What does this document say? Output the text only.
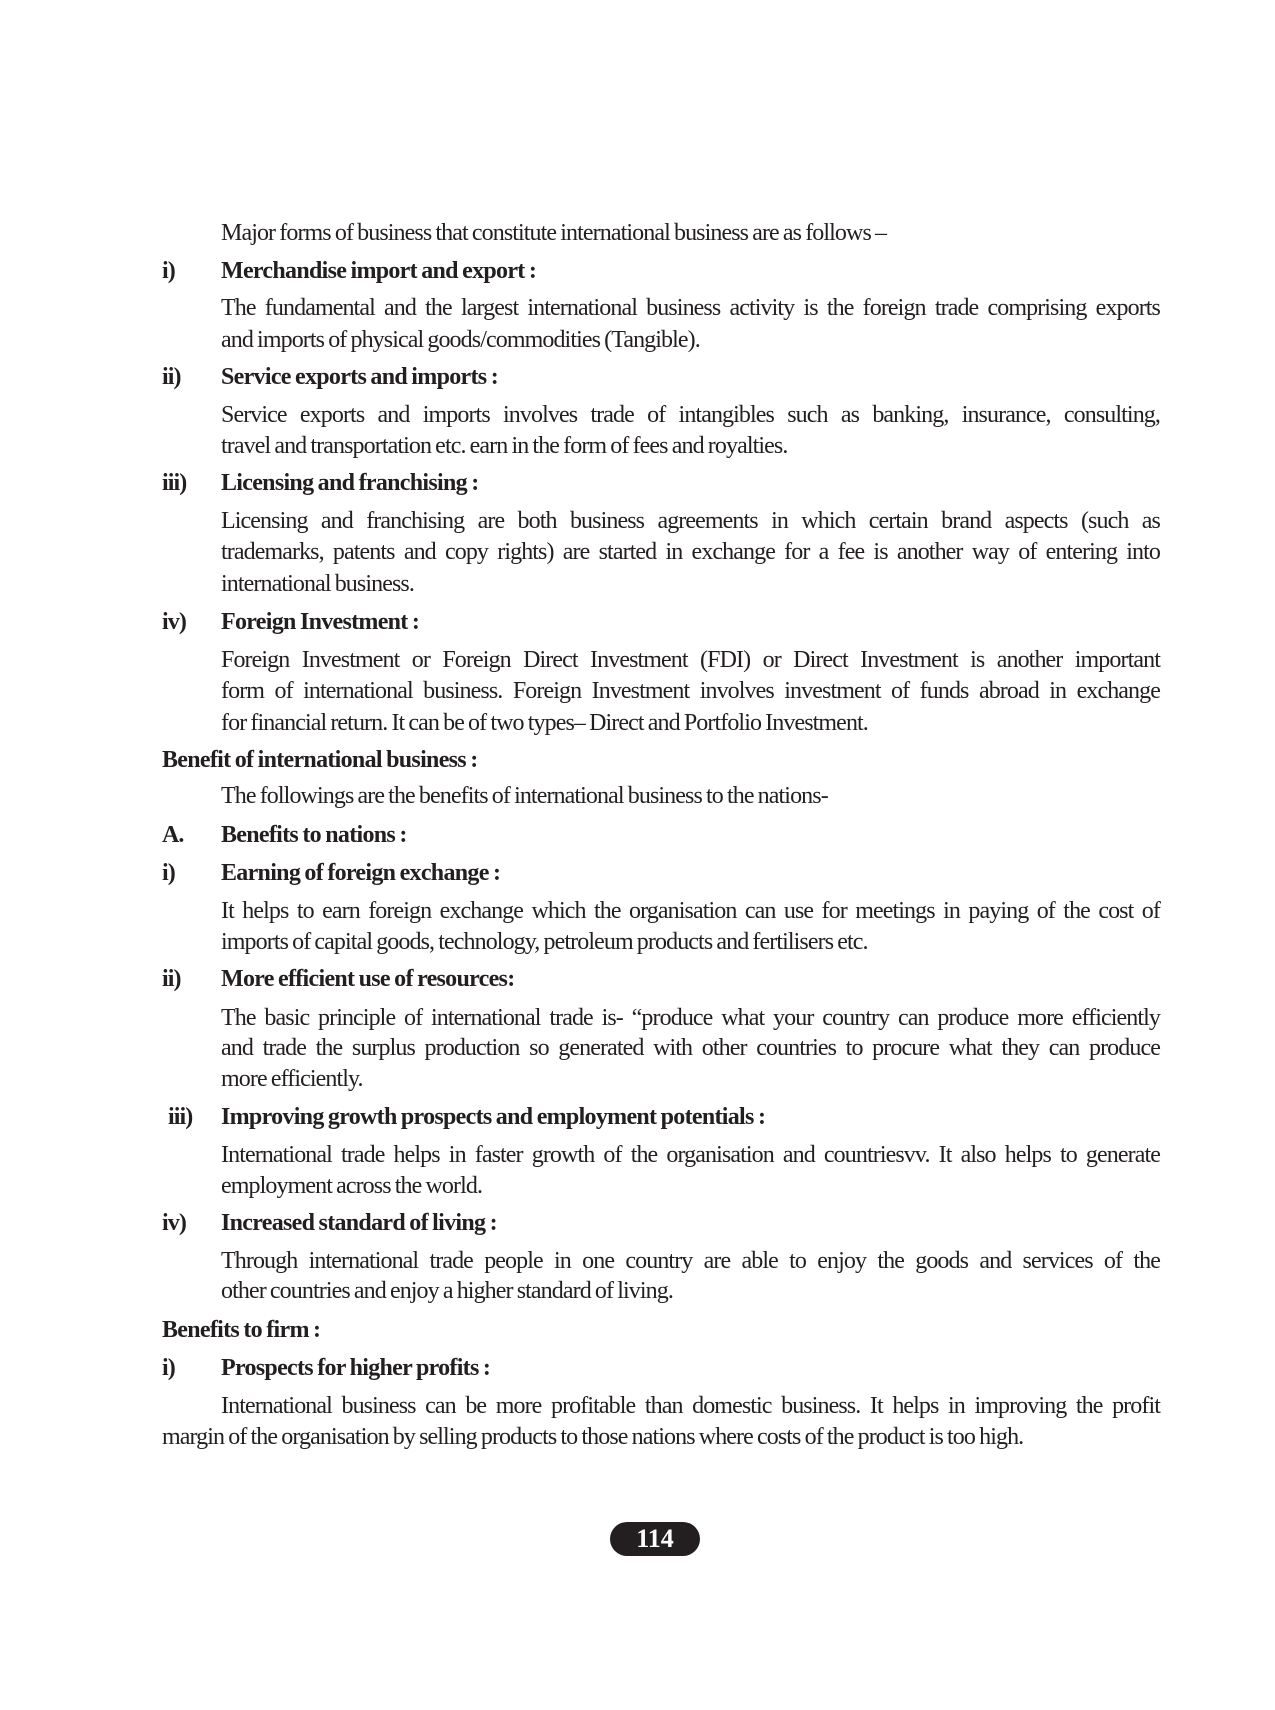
Major forms of business that constitute international business are as follows –
i) Merchandise import and export :
The fundamental and the largest international business activity is the foreign trade comprising exports
and imports of physical goods/commodities (Tangible).
ii) Service exports and imports :
Service exports and imports involves trade of intangibles such as banking, insurance, consulting,
travel and transportation etc. earn in the form of fees and royalties.
iii) Licensing and franchising :
Licensing and franchising are both business agreements in which certain brand aspects (such as
trademarks, patents and copy rights) are started in exchange for a fee is another way of entering into
international business.
iv) Foreign Investment :
Foreign Investment or Foreign Direct Investment (FDI) or Direct Investment is another important
form of international business. Foreign Investment involves investment of funds abroad in exchange
for financial return. It can be of two types– Direct and Portfolio Investment.
Benefit of international business :
The followings are the benefits of international business to the nations-
A. Benefits to nations :
i) Earning of foreign exchange :
It helps to earn foreign exchange which the organisation can use for meetings in paying of the cost of
imports of capital goods, technology, petroleum products and fertilisers etc.
ii) More efficient use of resources:
The basic principle of international trade is- “produce what your country can produce more efficiently
and trade the surplus production so generated with other countries to procure what they can produce
more efficiently.
iii) Improving growth prospects and employment potentials :
International trade helps in faster growth of the organisation and countriesvv. It also helps to generate
employment across the world.
iv) Increased standard of living :
Through international trade people in one country are able to enjoy the goods and services of the
other countries and enjoy a higher standard of living.
Benefits to firm :
i) Prospects for higher profits :
International business can be more profitable than domestic business. It helps in improving the profit
margin of the organisation by selling products to those nations where costs of the product is too high.
114
